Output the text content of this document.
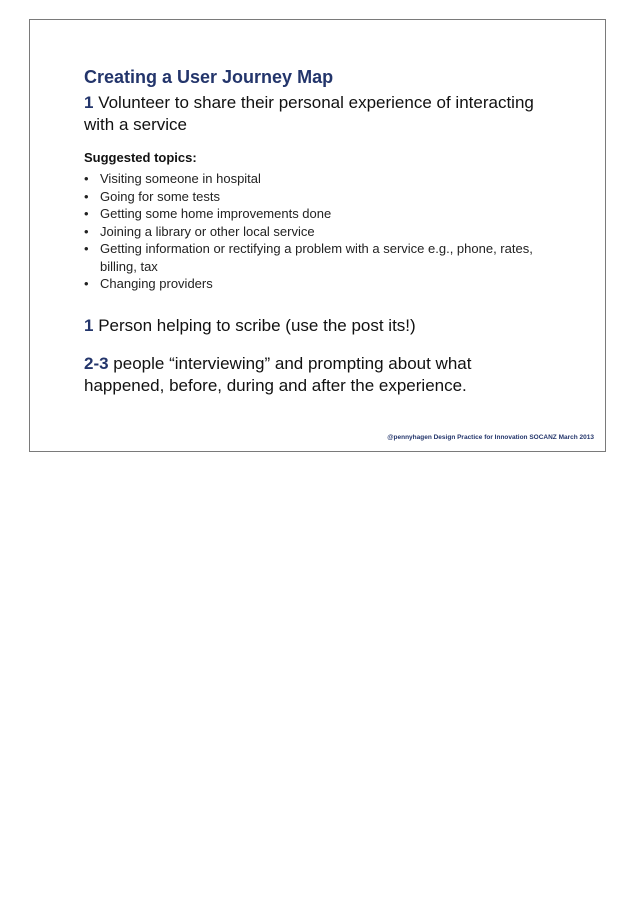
Creating a User Journey Map

1 Volunteer to share their personal experience of interacting with a service

Suggested topics:
• Visiting someone in hospital
• Going for some tests
• Getting some home improvements done
• Joining a library or other local service
• Getting information or rectifying a problem with a service e.g., phone, rates, billing, tax
• Changing providers

1 Person helping to scribe (use the post its!)

2-3 people “interviewing” and prompting about what happened, before, during and after the experience.

@pennyhagen Design Practice for Innovation SOCANZ March 2013
